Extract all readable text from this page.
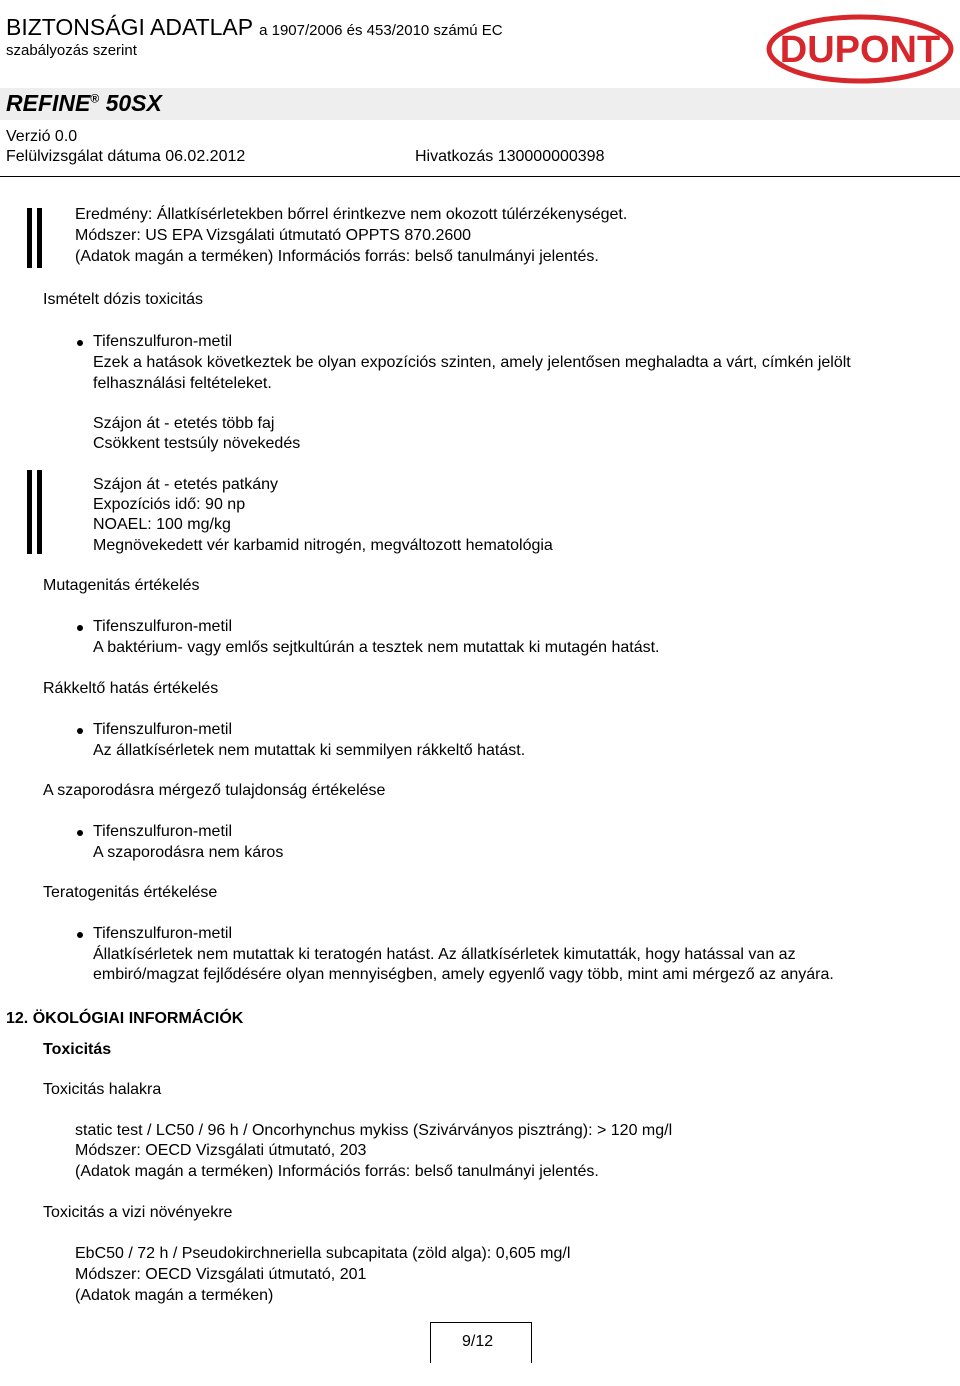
BIZTONSÁGI ADATLAP a 1907/2006 és 453/2010 számú EC
szabályozás szerint	DUPONT
REFINE® 50SX
Verzió 0.0
Felülvizsgálat dátuma 06.02.2012	Hivatkozás 130000000398
Eredmény: Állatkísérletekben bőrrel érintkezve nem okozott túlérzékenységet.
Módszer: US EPA Vizsgálati útmutató OPPTS 870.2600
(Adatok magán a terméken) Információs forrás: belső tanulmányi jelentés.
Ismételt dózis toxicitás
Tifenszulfuron-metil
Ezek a hatások következtek be olyan expozíciós szinten, amely jelentősen meghaladta a várt, címkén jelölt
felhasználási feltételeket.
Szájon át - etetés több faj
Csökkent testsúly növekedés
Szájon át - etetés patkány
Expozíciós idő: 90 np
NOAEL: 100 mg/kg
Megnövekedett vér karbamid nitrogén, megváltozott hematológia
Mutagenitás értékelés
Tifenszulfuron-metil
A baktérium- vagy emlős sejtkultúrán a tesztek nem mutattak ki mutagén hatást.
Rákkeltő hatás értékelés
Tifenszulfuron-metil
Az állatkísérletek nem mutattak ki semmilyen rákkeltő hatást.
A szaporodásra mérgező tulajdonság értékelése
Tifenszulfuron-metil
A szaporodásra nem káros
Teratogenitás értékelése
Tifenszulfuron-metil
Állatkísérletek nem mutattak ki teratogén hatást. Az állatkísérletek kimutatták, hogy hatással van az
embiró/magzat fejlődésére olyan mennyiségben, amely egyenlő vagy több, mint ami mérgező az anyára.
12. ÖKOLÓGIAI INFORMÁCIÓK
Toxicitás
Toxicitás halakra
static test / LC50 / 96 h / Oncorhynchus mykiss (Szivárványos pisztráng): > 120 mg/l
Módszer: OECD Vizsgálati útmutató, 203
(Adatok magán a terméken) Információs forrás: belső tanulmányi jelentés.
Toxicitás a vizi növényekre
EbC50 / 72 h / Pseudokirchneriella subcapitata (zöld alga): 0,605 mg/l
Módszer: OECD Vizsgálati útmutató, 201
(Adatok magán a terméken)
9/12
